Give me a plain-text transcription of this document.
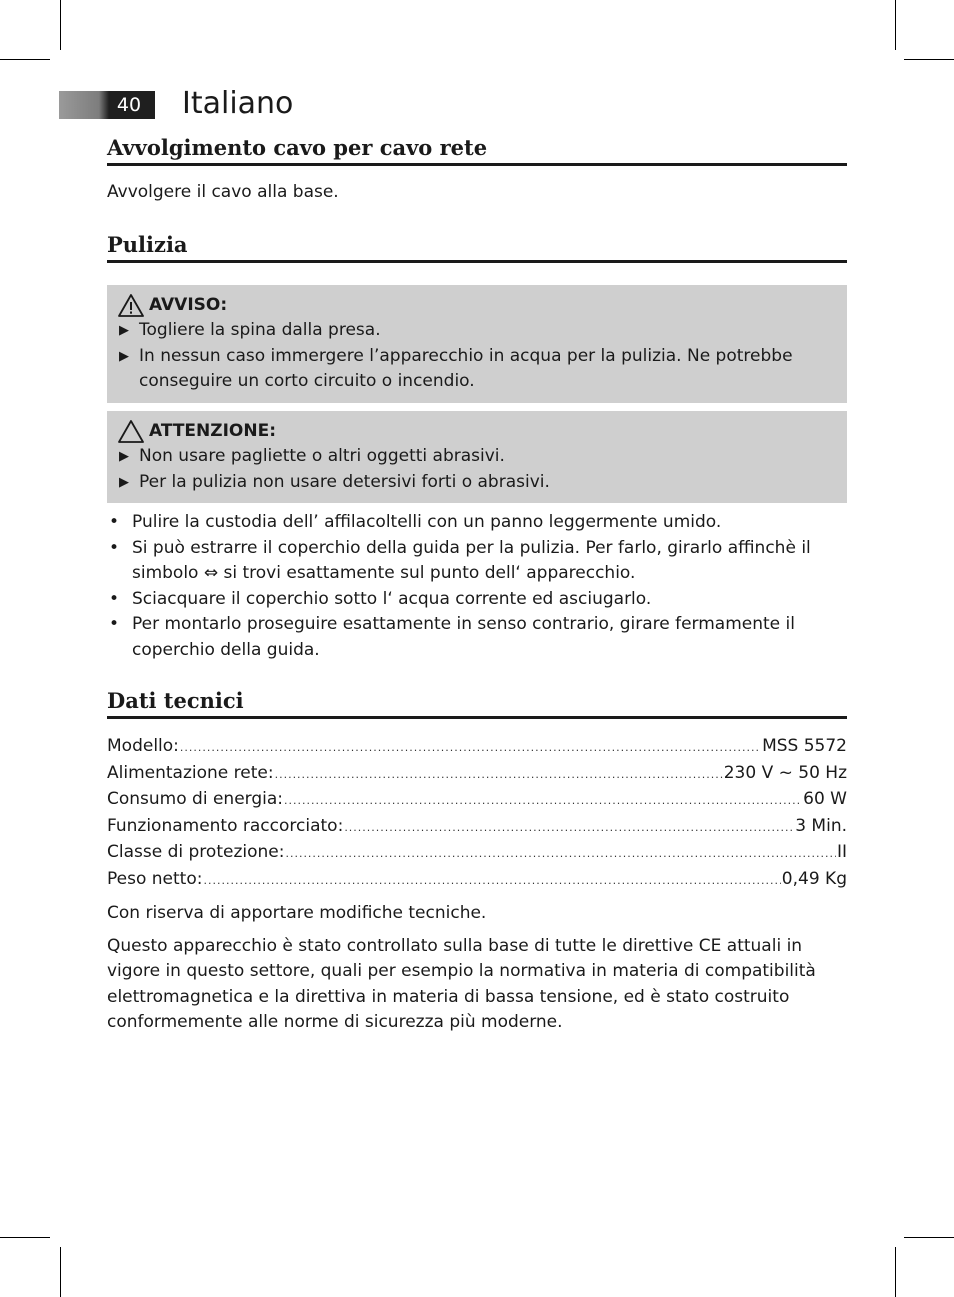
40	Italiano
Avvolgimento cavo per cavo rete

Avvolgere il cavo alla base.

Pulizia
AVVISO:
▶ Togliere la spina dalla presa.
▶ In nessun caso immergere l’apparecchio in acqua per la pulizia. Ne potrebbe conseguire un corto circuito o incendio.
ATTENZIONE:
▶ Non usare pagliette o altri oggetti abrasivi.
▶ Per la pulizia non usare detersivi forti o abrasivi.
• Pulire la custodia dell’ affilacoltelli con un panno leggermente umido.
• Si può estrarre il coperchio della guida per la pulizia. Per farlo, girarlo affinchè il simbolo ⇔ si trovi esattamente sul punto dell‘ apparecchio.
• Sciacquare il coperchio sotto l‘ acqua corrente ed asciugarlo.
• Per montarlo proseguire esattamente in senso contrario, girare fermamente il coperchio della guida.
Dati tecnici
Modello: .....	MSS 5572
Alimentazione rete: .....	230 V ~ 50 Hz
Consumo di energia: .....	60 W
Funzionamento raccorciato: .....	3 Min.
Classe di protezione: .....	II
Peso netto: .....	0,49 Kg

Con riserva di apportare modifiche tecniche.

Questo apparecchio è stato controllato sulla base di tutte le direttive CE attuali in vigore in questo settore, quali per esempio la normativa in materia di compatibilità elettromagnetica e la direttiva in materia di bassa tensione, ed è stato costruito conformemente alle norme di sicurezza più moderne.
